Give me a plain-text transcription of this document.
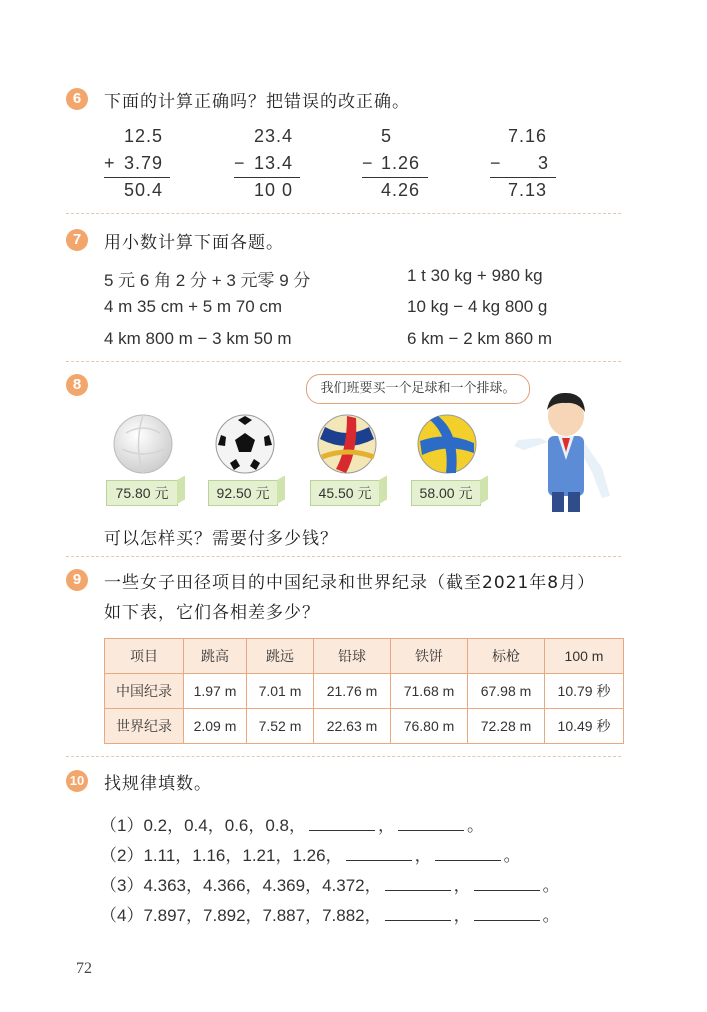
6	下面的计算正确吗？把错误的改正确。
12.5
+ 3.79
50.4
23.4
− 13.4
10 0
5
− 1.26
4.26
7.16
− 3
7.13
7	用小数计算下面各题。
5 元 6 角 2 分 + 3 元零 9 分	1 t 30 kg + 980 kg
4 m 35 cm + 5 m 70 cm	10 kg − 4 kg 800 g
4 km 800 m − 3 km 50 m	6 km − 2 km 860 m
8	我们班要买一个足球和一个排球。
75.80 元	92.50 元	45.50 元	58.00 元
可以怎样买？需要付多少钱？
9	一些女子田径项目的中国纪录和世界纪录（截至2021年8月）
如下表，它们各相差多少？
项目	跳高	跳远	铅球	铁饼	标枪	100 m
中国纪录	1.97 m	7.01 m	21.76 m	71.68 m	67.98 m	10.79 秒
世界纪录	2.09 m	7.52 m	22.63 m	76.80 m	72.28 m	10.49 秒
10 找规律填数。
（1）0.2，0.4，0.6，0.8，	，	。
（2）1.11，1.16，1.21，1.26，	，	。
（3）4.363，4.366，4.369，4.372，	，	。
（4）7.897，7.892，7.887，7.882，	，	。
72
